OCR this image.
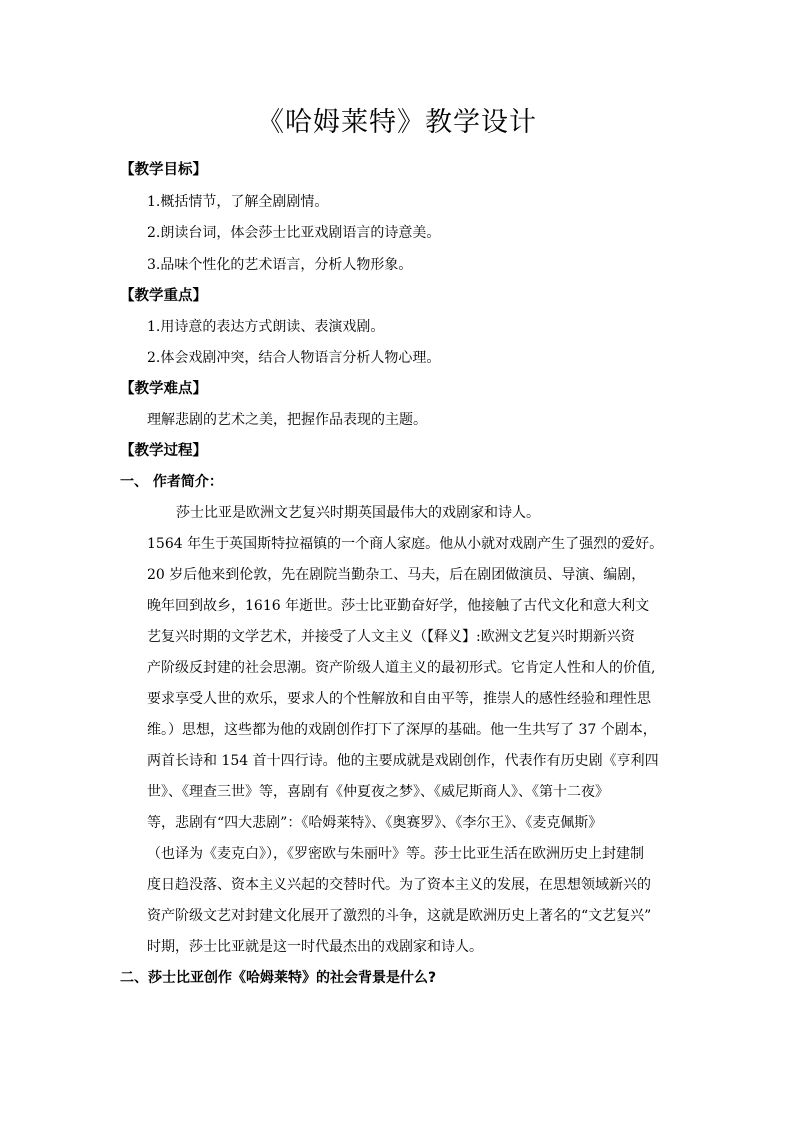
《哈姆莱特》教学设计
【教学目标】
1.概括情节，了解全剧剧情。
2.朗读台词，体会莎士比亚戏剧语言的诗意美。
3.品味个性化的艺术语言，分析人物形象。
【教学重点】
1.用诗意的表达方式朗读、表演戏剧。
2.体会戏剧冲突，结合人物语言分析人物心理。
【教学难点】
理解悲剧的艺术之美，把握作品表现的主题。
【教学过程】
一、 作者简介：
莎士比亚是欧洲文艺复兴时期英国最伟大的戏剧家和诗人。
1564 年生于英国斯特拉福镇的一个商人家庭。他从小就对戏剧产生了强烈的爱好。
20 岁后他来到伦敦，先在剧院当勤杂工、马夫，后在剧团做演员、导演、编剧，
晚年回到故乡，1616 年逝世。莎士比亚勤奋好学，他接触了古代文化和意大利文
艺复兴时期的文学艺术，并接受了人文主义（【释义】:欧洲文艺复兴时期新兴资
产阶级反封建的社会思潮。资产阶级人道主义的最初形式。它肯定人性和人的价值,
要求享受人世的欢乐，要求人的个性解放和自由平等，推崇人的感性经验和理性思
维。）思想，这些都为他的戏剧创作打下了深厚的基础。他一生共写了 37 个剧本，
两首长诗和 154 首十四行诗。他的主要成就是戏剧创作，代表作有历史剧《亨利四
世》、《理查三世》等，喜剧有《仲夏夜之梦》、《威尼斯商人》、《第十二夜》
等，悲剧有“四大悲剧”：《哈姆莱特》、《奥赛罗》、《李尔王》、《麦克佩斯》
（也译为《麦克白》），《罗密欧与朱丽叶》等。莎士比亚生活在欧洲历史上封建制
度日趋没落、资本主义兴起的交替时代。为了资本主义的发展，在思想领域新兴的
资产阶级文艺对封建文化展开了激烈的斗争，这就是欧洲历史上著名的“文艺复兴”
时期，莎士比亚就是这一时代最杰出的戏剧家和诗人。
二、莎士比亚创作《哈姆莱特》的社会背景是什么?
